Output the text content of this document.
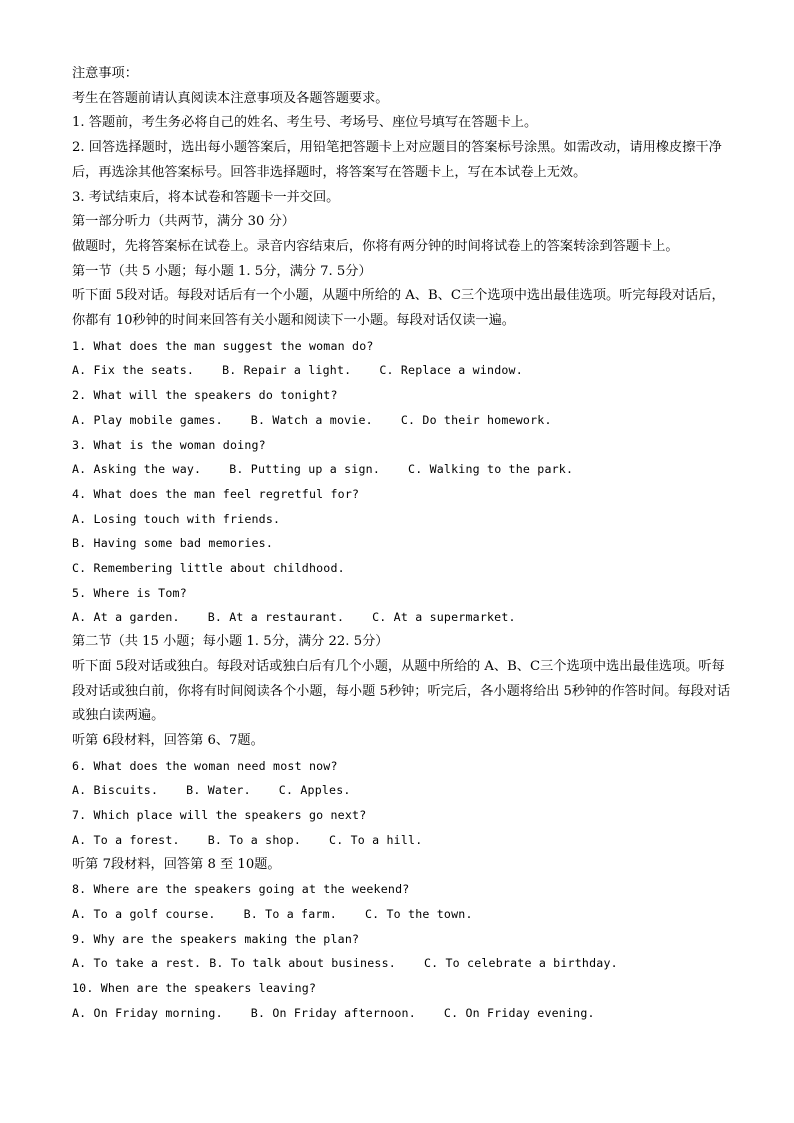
注意事项：
考生在答题前请认真阅读本注意事项及各题答题要求。
1. 答题前，考生务必将自己的姓名、考生号、考场号、座位号填写在答题卡上。
2. 回答选择题时，选出每小题答案后，用铅笔把答题卡上对应题目的答案标号涂黑。如需改动，请用橡皮擦干净后，再选涂其他答案标号。回答非选择题时，将答案写在答题卡上，写在本试卷上无效。
3. 考试结束后，将本试卷和答题卡一并交回。
第一部分听力（共两节，满分 30 分）
做题时，先将答案标在试卷上。录音内容结束后，你将有两分钟的时间将试卷上的答案转涂到答题卡上。
第一节（共 5 小题；每小题 1. 5分，满分 7. 5分）
听下面 5段对话。每段对话后有一个小题，从题中所给的 A、B、C三个选项中选出最佳选项。听完每段对话后，你都有 10秒钟的时间来回答有关小题和阅读下一小题。每段对话仅读一遍。
1. What does the man suggest the woman do?
A. Fix the seats. B. Repair a light. C. Replace a window.
2. What will the speakers do tonight?
A. Play mobile games. B. Watch a movie. C. Do their homework.
3. What is the woman doing?
A. Asking the way. B. Putting up a sign. C. Walking to the park.
4. What does the man feel regretful for?
A. Losing touch with friends.
B. Having some bad memories.
C. Remembering little about childhood.
5. Where is Tom?
A. At a garden. B. At a restaurant. C. At a supermarket.
第二节（共 15 小题；每小题 1. 5分，满分 22. 5分）
听下面 5段对话或独白。每段对话或独白后有几个小题，从题中所给的 A、B、C三个选项中选出最佳选项。听每段对话或独白前，你将有时间阅读各个小题，每小题 5秒钟；听完后，各小题将给出 5秒钟的作答时间。每段对话或独白读两遍。
听第 6段材料，回答第 6、7题。
6. What does the woman need most now?
A. Biscuits. B. Water. C. Apples.
7. Which place will the speakers go next?
A. To a forest. B. To a shop. C. To a hill.
听第 7段材料，回答第 8 至 10题。
8. Where are the speakers going at the weekend?
A. To a golf course. B. To a farm. C. To the town.
9. Why are the speakers making the plan?
A. To take a rest. B. To talk about business. C. To celebrate a birthday.
10. When are the speakers leaving?
A. On Friday morning. B. On Friday afternoon. C. On Friday evening.
